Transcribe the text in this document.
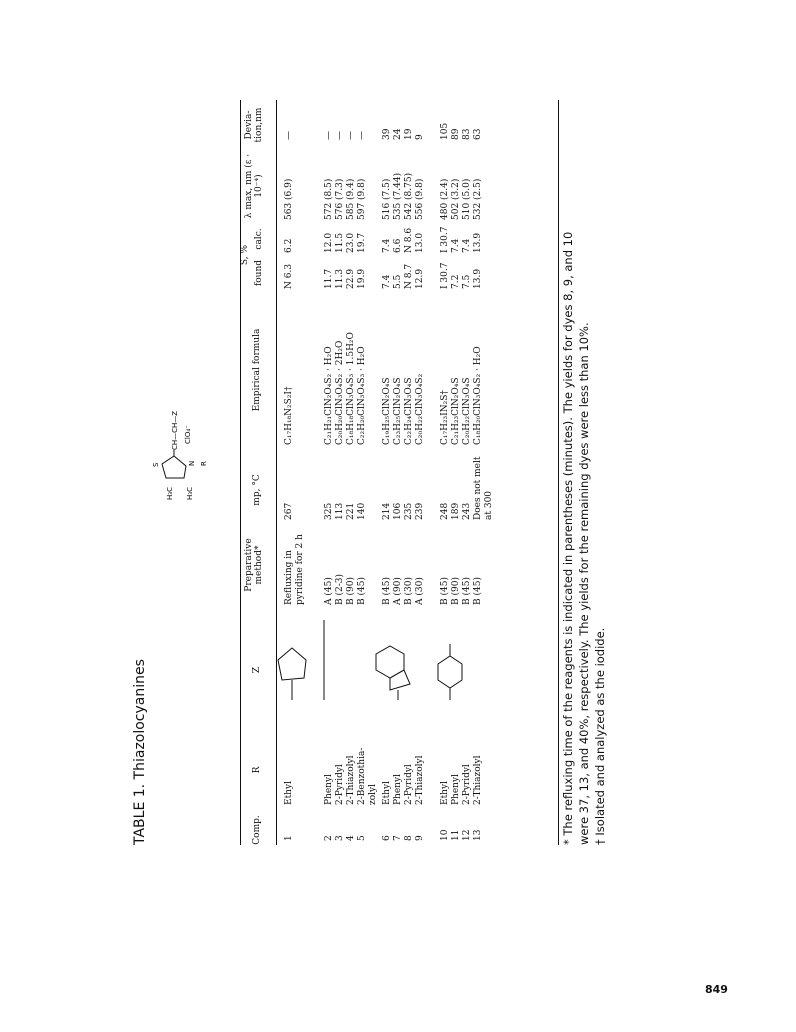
TABLE 1. Thiazolocyanines
H₃C H₃C
S	N R
CH—CH—Z ClO₄⁻
Comp.
R
Z
Preparative method*
mp, °C
Empirical formula
S, %
found
calc.
λ max, nm (ε · 10⁻⁴)
Devia-tion,nm
1
Ethyl
Refluxing in pyridine for 2 h
267
C₁₇H₁₈N₂S₂I†
N 6.3
6.2
563 (6.9)
—
2
Phenyl
A (45)
325
C₂₁H₂₁ClN₂O₄S₂ · H₂O
11.7
12.0
572 (8.5)
—
3
2-Pyridyl
B (2-3)
113
C₂₀H₂₀ClN₃O₄S₂ · 2H₂O
11.3
11.5
576 (7.3)
—
4
2-Thiazolyl
B (90)
221
C₁₈H₁₈ClN₃O₄S₃ · 1.5H₂O
22.9
23.0
585 (9.4)
—
5
2-Benzothia-zolyl
B (45)
140
C₂₂H₂₀ClN₃O₄S₃ · H₂O
19.9
19.7
597 (9.8)
—
6
Ethyl
B (45)
214
C₁₉H₂₅ClN₂O₄S
7.4
7.4
516 (7.5)
39
7
Phenyl
A (90)
106
C₂₃H₂₅ClN₂O₄S
5.5
6.6
535 (7.44)
24
8
2-Pyridyl
B (30)
235
C₂₂H₂₄ClN₃O₄S
N 8.7
N 8.6
542 (8.75)
19
9
2-Thiazolyl
A (30)
239
C₂₀H₂₂ClN₃O₄S₂
12.9
13.0
556 (9.8)
9
10
Ethyl
B (45)
248
C₁₇H₂₃IN₂S†
I 30.7
I 30.7
480 (2.4)
105
11
Phenyl
B (90)
189
C₂₁H₂₃ClN₂O₄S
7.2
7.4
502 (3.2)
89
12
2-Pyridyl
B (45)
243
C₂₀H₂₂ClN₃O₄S
7.5
7.4
510 (5.0)
83
13
2-Thiazolyl
B (45)
Does not melt at 300
C₁₈H₂₀ClN₃O₄S₂ · H₂O
13.9
13.9
532 (2.5)
63
* The refluxing time of the reagents is indicated in parentheses (minutes). The yields for dyes 8, 9, and 10 were 37, 13, and 40%, respectively. The yields for the remaining dyes were less than 10%. † Isolated and analyzed as the iodide.
849
